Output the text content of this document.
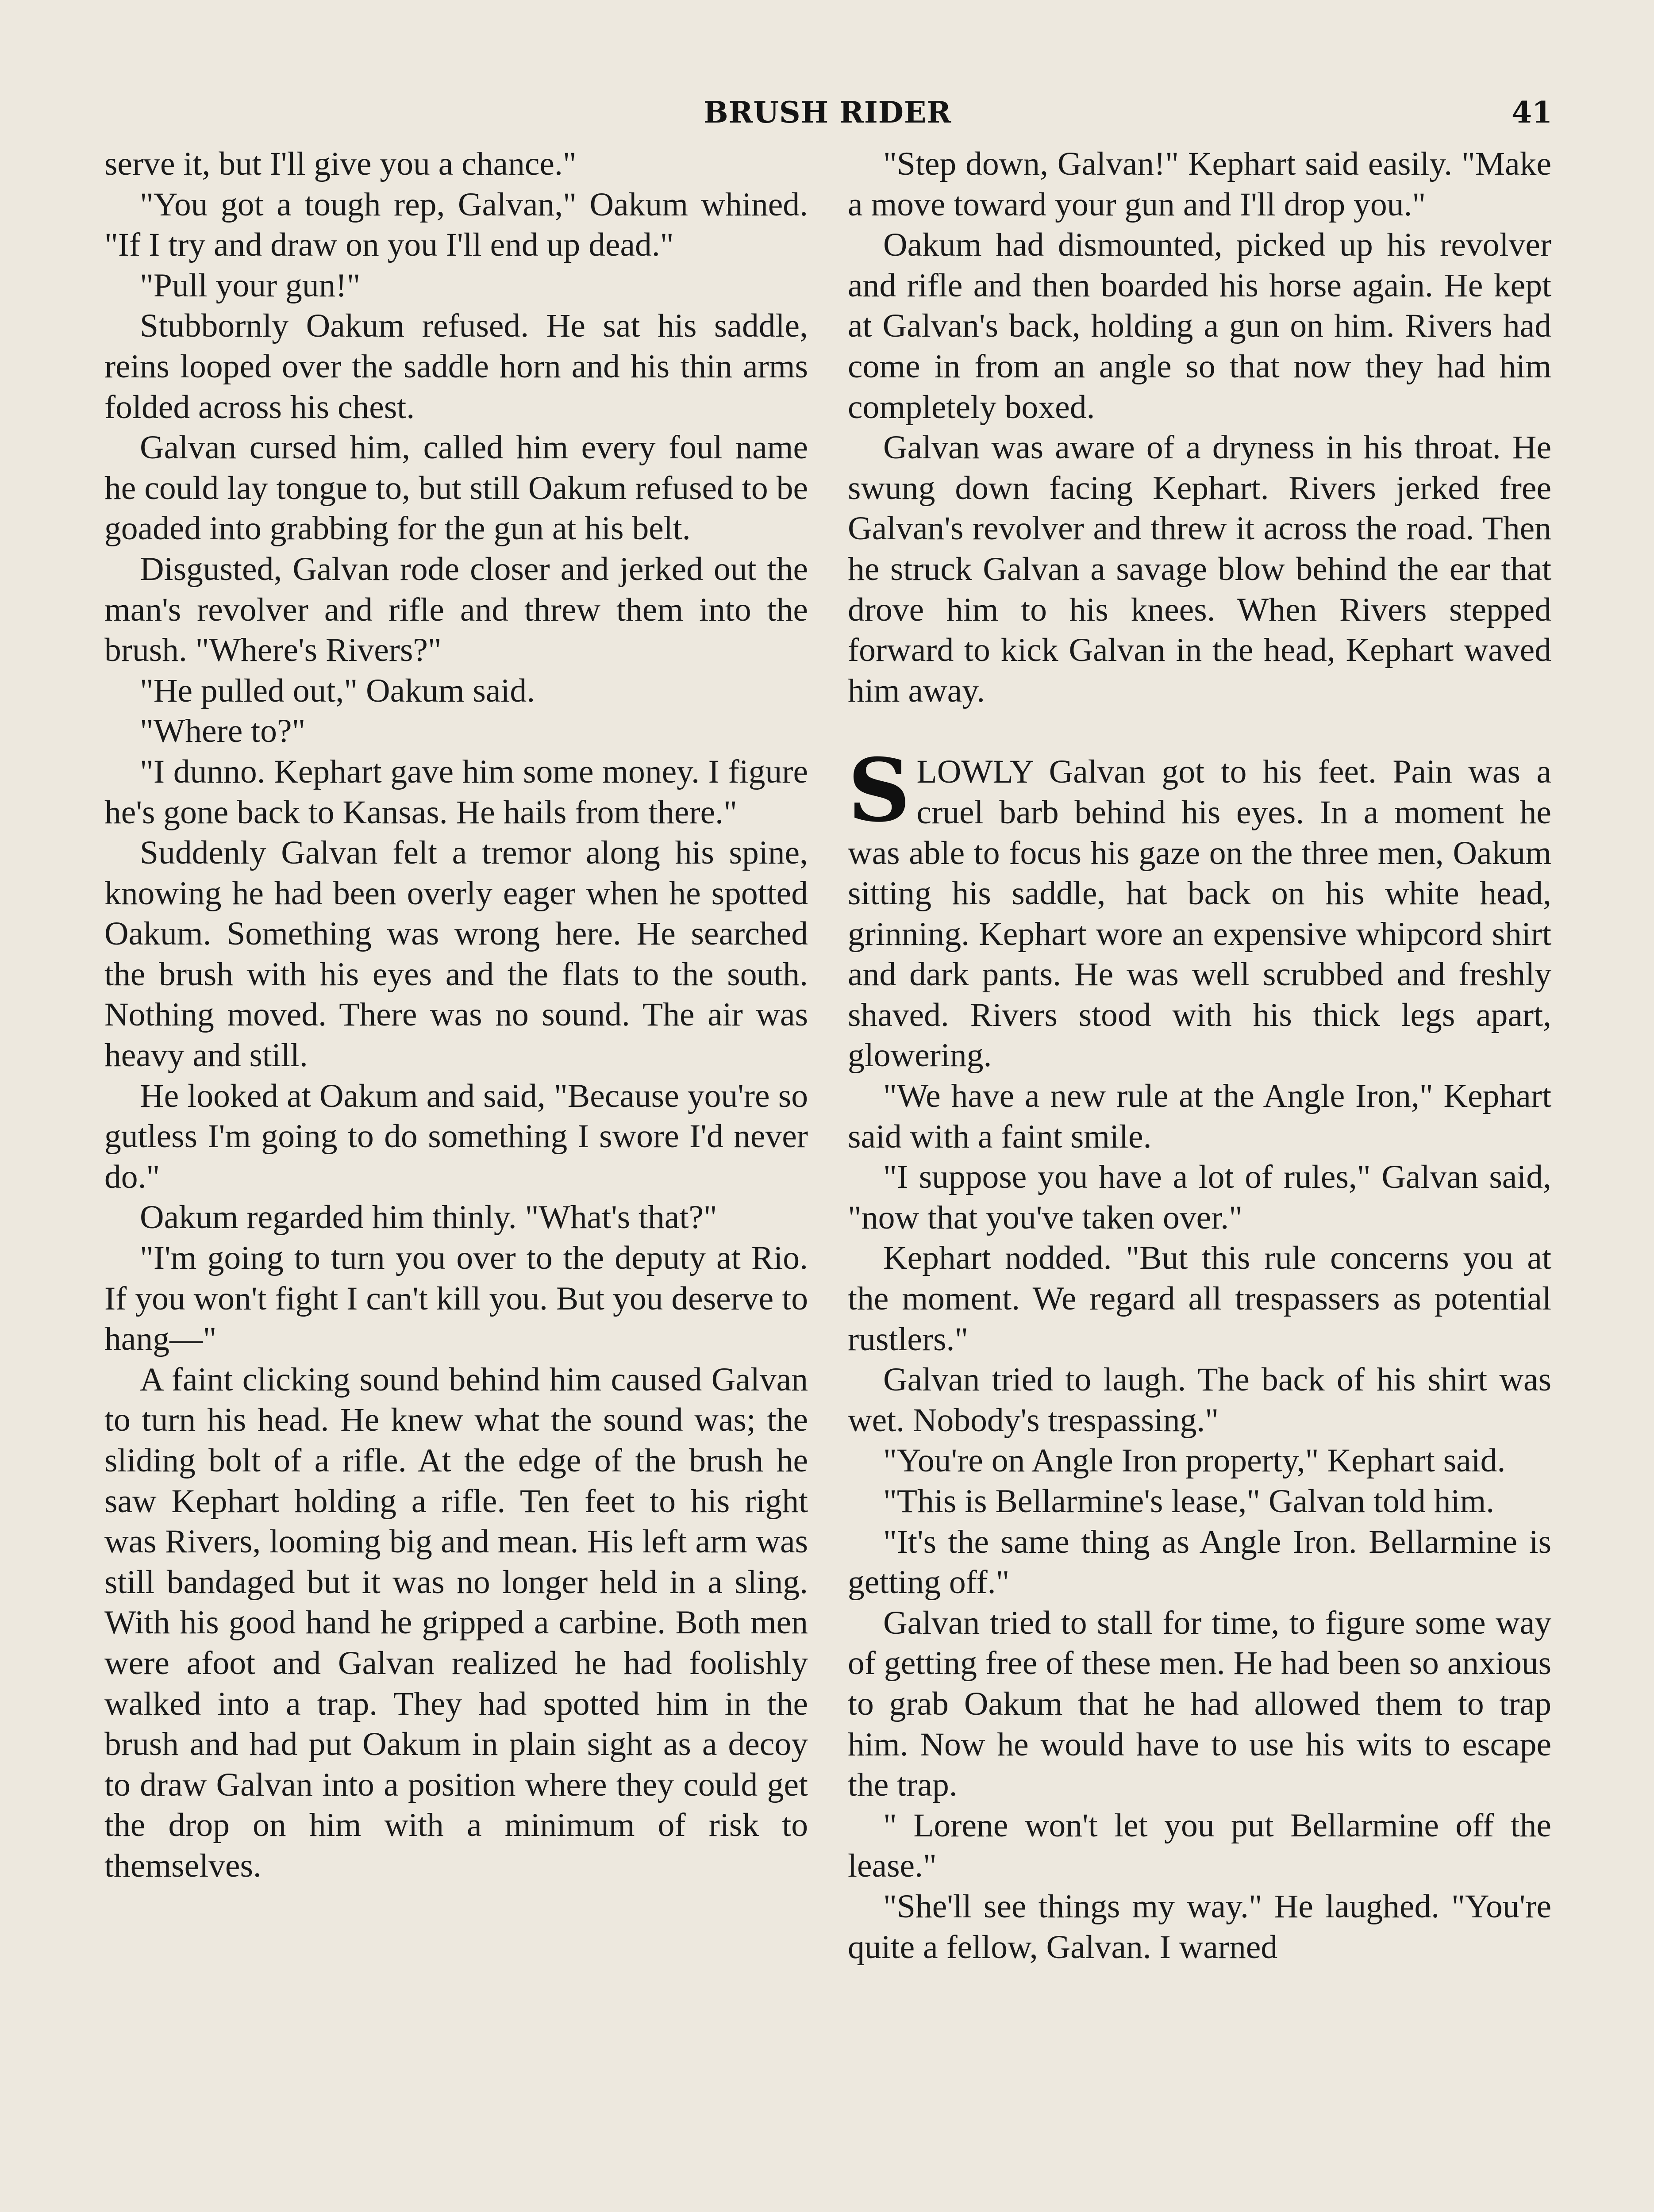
BRUSH RIDER	41

serve it, but I'll give you a chance."

"You got a tough rep, Galvan," Oakum whined. "If I try and draw on you I'll end up dead."

"Pull your gun!"

Stubbornly Oakum refused. He sat his saddle, reins looped over the saddle horn and his thin arms folded across his chest.

Galvan cursed him, called him every foul name he could lay tongue to, but still Oakum refused to be goaded into grabbing for the gun at his belt.

Disgusted, Galvan rode closer and jerked out the man's revolver and rifle and threw them into the brush. "Where's Rivers?"

"He pulled out," Oakum said.

"Where to?"

"I dunno. Kephart gave him some money. I figure he's gone back to Kansas. He hails from there."

Suddenly Galvan felt a tremor along his spine, knowing he had been overly eager when he spotted Oakum. Something was wrong here. He searched the brush with his eyes and the flats to the south. Nothing moved. There was no sound. The air was heavy and still.

He looked at Oakum and said, "Because you're so gutless I'm going to do something I swore I'd never do."

Oakum regarded him thinly. "What's that?"

"I'm going to turn you over to the deputy at Rio. If you won't fight I can't kill you. But you deserve to hang—"

A faint clicking sound behind him caused Galvan to turn his head. He knew what the sound was; the sliding bolt of a rifle. At the edge of the brush he saw Kephart holding a rifle. Ten feet to his right was Rivers, looming big and mean. His left arm was still bandaged but it was no longer held in a sling. With his good hand he gripped a carbine. Both men were afoot and Galvan realized he had foolishly walked into a trap. They had spotted him in the brush and had put Oakum in plain sight as a decoy to draw Galvan into a position where they could get the drop on him with a minimum of risk to themselves.

"Step down, Galvan!" Kephart said easily. "Make a move toward your gun and I'll drop you."

Oakum had dismounted, picked up his revolver and rifle and then boarded his horse again. He kept at Galvan's back, holding a gun on him. Rivers had come in from an angle so that now they had him completely boxed.

Galvan was aware of a dryness in his throat. He swung down facing Kephart. Rivers jerked free Galvan's revolver and threw it across the road. Then he struck Galvan a savage blow behind the ear that drove him to his knees. When Rivers stepped forward to kick Galvan in the head, Kephart waved him away.

SLOWLY Galvan got to his feet. Pain was a cruel barb behind his eyes. In a moment he was able to focus his gaze on the three men, Oakum sitting his saddle, hat back on his white head, grinning. Kephart wore an expensive whipcord shirt and dark pants. He was well scrubbed and freshly shaved. Rivers stood with his thick legs apart, glowering.

"We have a new rule at the Angle Iron," Kephart said with a faint smile.

"I suppose you have a lot of rules," Galvan said, "now that you've taken over."

Kephart nodded. "But this rule concerns you at the moment. We regard all trespassers as potential rustlers."

Galvan tried to laugh. The back of his shirt was wet. Nobody's trespassing."

"You're on Angle Iron property," Kephart said.

"This is Bellarmine's lease," Galvan told him.

"It's the same thing as Angle Iron. Bellarmine is getting off."

Galvan tried to stall for time, to figure some way of getting free of these men. He had been so anxious to grab Oakum that he had allowed them to trap him. Now he would have to use his wits to escape the trap.

" Lorene won't let you put Bellarmine off the lease."

"She'll see things my way." He laughed. "You're quite a fellow, Galvan. I warned
